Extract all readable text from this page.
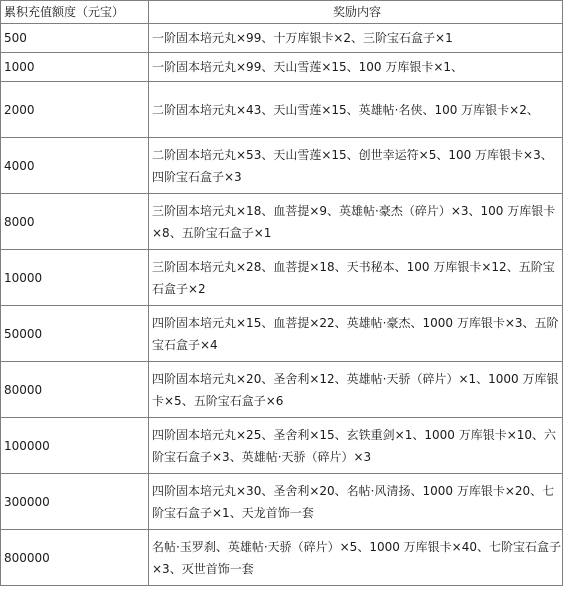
累积充值额度（元宝）	奖励内容
500	一阶固本培元丸×99、十万库银卡×2、三阶宝石盒子×1
1000	一阶固本培元丸×99、天山雪莲×15、100 万库银卡×1、
2000	二阶固本培元丸×43、天山雪莲×15、英雄帖·名侠、100 万库银卡×2、
4000	二阶固本培元丸×53、天山雪莲×15、创世幸运符×5、100 万库银卡×3、四阶宝石盒子×3
8000	三阶固本培元丸×18、血菩提×9、英雄帖·豪杰（碎片）×3、100 万库银卡×8、五阶宝石盒子×1
10000	三阶固本培元丸×28、血菩提×18、天书秘本、100 万库银卡×12、五阶宝石盒子×2
50000	四阶固本培元丸×15、血菩提×22、英雄帖·豪杰、1000 万库银卡×3、五阶宝石盒子×4
80000	四阶固本培元丸×20、圣舍利×12、英雄帖·天骄（碎片）×1、1000 万库银卡×5、五阶宝石盒子×6
100000	四阶固本培元丸×25、圣舍利×15、玄铁重剑×1、1000 万库银卡×10、六阶宝石盒子×3、英雄帖·天骄（碎片）×3
300000	四阶固本培元丸×30、圣舍利×20、名帖·风清扬、1000 万库银卡×20、七阶宝石盒子×1、天龙首饰一套
800000	名帖·玉罗刹、英雄帖·天骄（碎片）×5、1000 万库银卡×40、七阶宝石盒子×3、灭世首饰一套
